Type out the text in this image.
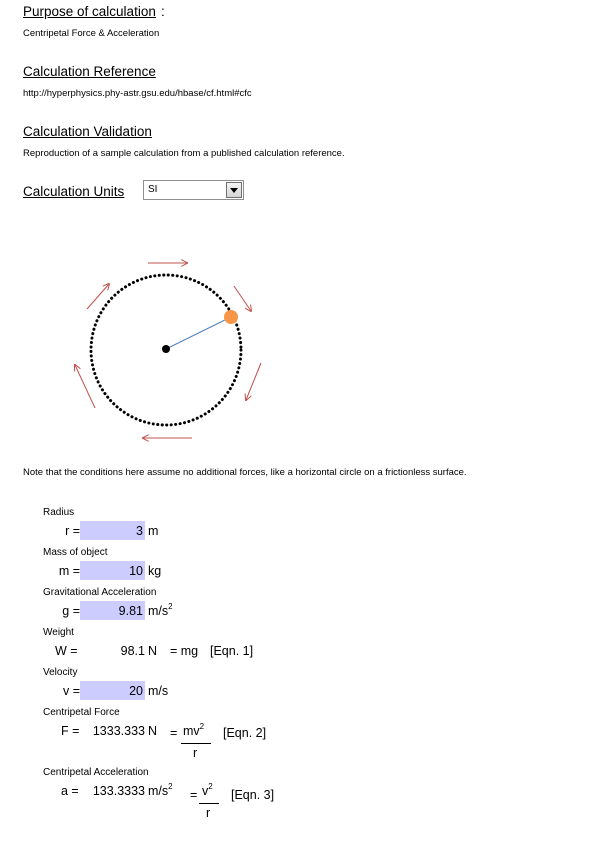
Purpose of calculation :
Centripetal Force & Acceleration
Calculation Reference
http://hyperphysics.phy-astr.gsu.edu/hbase/cf.html#cfc
Calculation Validation
Reproduction of a sample calculation from a published calculation reference.
Calculation Units SI
Note that the conditions here assume no additional forces, like a horizontal circle on a frictionless surface.
Radius
r =	3 m
Mass of object
m =	10 kg
Gravitational Acceleration
g =	9.81 $m/s^2$
Weight
W =	98.1 N = mg [Eqn. 1]
Velocity
v =	20 m/s
Centripetal Force
F =	1333.333 $N = mv^2$
r
[Eqn. 2]
Centripetal Acceleration
a =	133.3333 $m/s^2$
= $v^2$
r
[Eqn. 3]
